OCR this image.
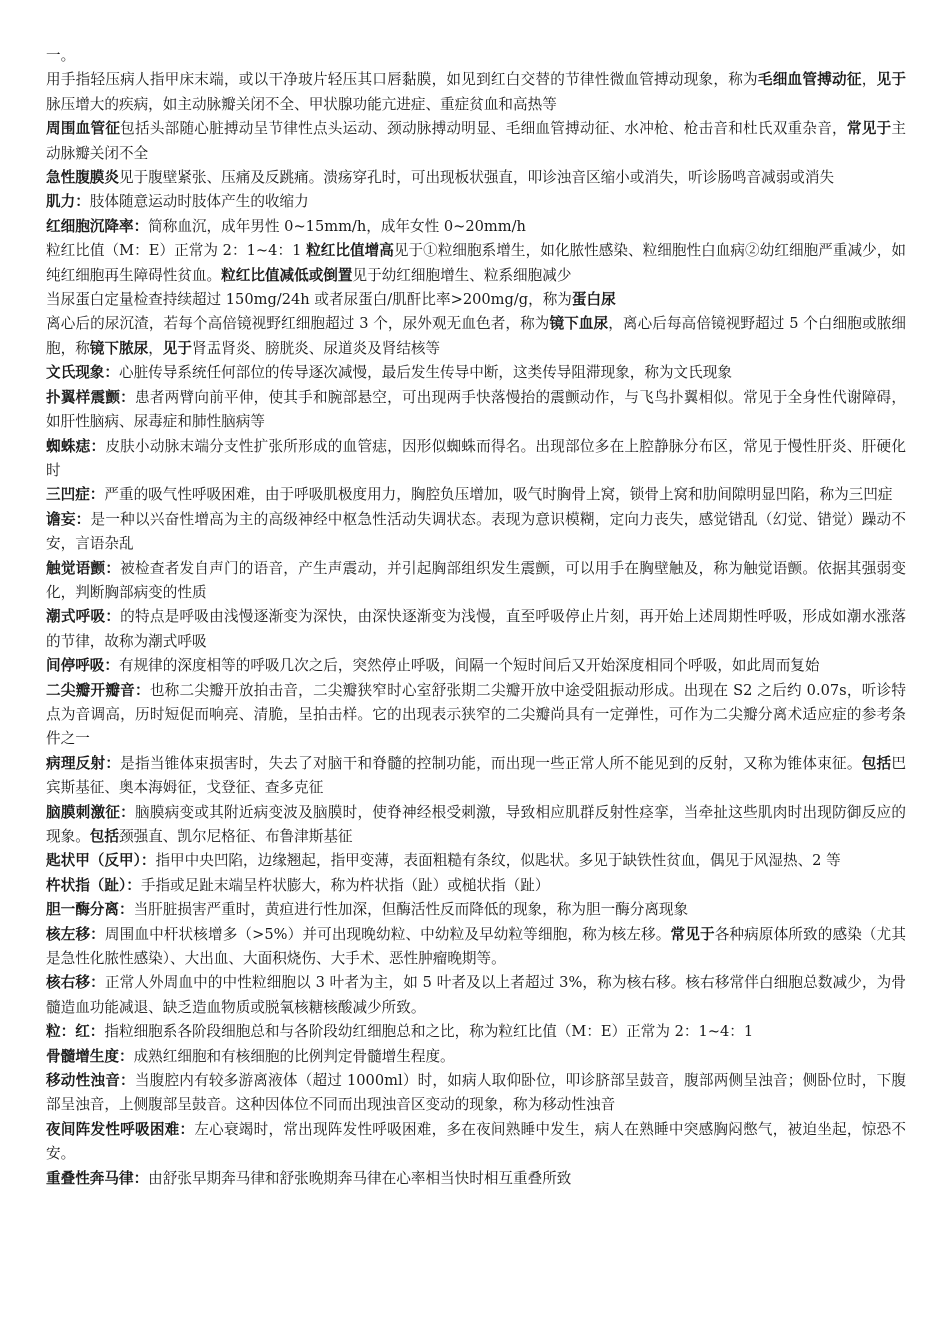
一。

用手指轻压病人指甲床末端，或以干净玻片轻压其口唇黏膜，如见到红白交替的节律性微血管搏动现象，称为毛细血管搏动征，见于脉压增大的疾病，如主动脉瓣关闭不全、甲状腺功能亢进症、重症贫血和高热等

周围血管征包括头部随心脏搏动呈节律性点头运动、颈动脉搏动明显、毛细血管搏动征、水冲枪、枪击音和杜氏双重杂音，常见于主动脉瓣关闭不全

急性腹膜炎见于腹壁紧张、压痛及反跳痛。溃疡穿孔时，可出现板状强直，叩诊浊音区缩小或消失，听诊肠鸣音减弱或消失

肌力：肢体随意运动时肢体产生的收缩力

红细胞沉降率：简称血沉，成年男性 0~15mm/h，成年女性 0~20mm/h

粒红比值（M：E）正常为 2：1~4：1 粒红比值增高见于①粒细胞系增生，如化脓性感染、粒细胞性白血病②幼红细胞严重减少，如纯红细胞再生障碍性贫血。粒红比值减低或倒置见于幼红细胞增生、粒系细胞减少

当尿蛋白定量检查持续超过 150mg/24h 或者尿蛋白/肌酐比率>200mg/g，称为蛋白尿

离心后的尿沉渣，若每个高倍镜视野红细胞超过 3 个，尿外观无血色者，称为镜下血尿，离心后每高倍镜视野超过 5 个白细胞或脓细胞，称镜下脓尿，见于肾盂肾炎、膀胱炎、尿道炎及肾结核等

文氏现象：心脏传导系统任何部位的传导逐次减慢，最后发生传导中断，这类传导阻滞现象，称为文氏现象

扑翼样震颤：患者两臂向前平伸，使其手和腕部悬空，可出现两手快落慢抬的震颤动作，与飞鸟扑翼相似。常见于全身性代谢障碍，如肝性脑病、尿毒症和肺性脑病等

蜘蛛痣：皮肤小动脉末端分支性扩张所形成的血管痣，因形似蜘蛛而得名。出现部位多在上腔静脉分布区，常见于慢性肝炎、肝硬化时

三凹症：严重的吸气性呼吸困难，由于呼吸肌极度用力，胸腔负压增加，吸气时胸骨上窝，锁骨上窝和肋间隙明显凹陷，称为三凹症

谵妄：是一种以兴奋性增高为主的高级神经中枢急性活动失调状态。表现为意识模糊，定向力丧失，感觉错乱（幻觉、错觉）躁动不安，言语杂乱

触觉语颤：被检查者发自声门的语音，产生声震动，并引起胸部组织发生震颤，可以用手在胸壁触及，称为触觉语颤。依据其强弱变化，判断胸部病变的性质

潮式呼吸：的特点是呼吸由浅慢逐渐变为深快，由深快逐渐变为浅慢，直至呼吸停止片刻，再开始上述周期性呼吸，形成如潮水涨落的节律，故称为潮式呼吸

间停呼吸：有规律的深度相等的呼吸几次之后，突然停止呼吸，间隔一个短时间后又开始深度相同个呼吸，如此周而复始

二尖瓣开瓣音：也称二尖瓣开放拍击音，二尖瓣狭窄时心室舒张期二尖瓣开放中途受阻振动形成。出现在 S2 之后约 0.07s，听诊特点为音调高，历时短促而响亮、清脆，呈拍击样。它的出现表示狭窄的二尖瓣尚具有一定弹性，可作为二尖瓣分离术适应症的参考条件之一

病理反射：是指当锥体束损害时，失去了对脑干和脊髓的控制功能，而出现一些正常人所不能见到的反射，又称为锥体束征。包括巴宾斯基征、奥本海姆征，戈登征、查多克征

脑膜刺激征：脑膜病变或其附近病变波及脑膜时，使脊神经根受刺激，导致相应肌群反射性痉挛，当牵扯这些肌肉时出现防御反应的现象。包括颈强直、凯尔尼格征、布鲁津斯基征

匙状甲（反甲）：指甲中央凹陷，边缘翘起，指甲变薄，表面粗糙有条纹，似匙状。多见于缺铁性贫血，偶见于风湿热、2 等

杵状指（趾）：手指或足趾末端呈杵状膨大，称为杵状指（趾）或槌状指（趾）

胆一酶分离：当肝脏损害严重时，黄疸进行性加深，但酶活性反而降低的现象，称为胆一酶分离现象

核左移：周围血中杆状核增多（>5%）并可出现晚幼粒、中幼粒及早幼粒等细胞，称为核左移。常见于各种病原体所致的感染（尤其是急性化脓性感染）、大出血、大面积烧伤、大手术、恶性肿瘤晚期等。

核右移：正常人外周血中的中性粒细胞以 3 叶者为主，如 5 叶者及以上者超过 3%，称为核右移。核右移常伴白细胞总数减少，为骨髓造血功能减退、缺乏造血物质或脱氧核糖核酸减少所致。

粒：红：指粒细胞系各阶段细胞总和与各阶段幼红细胞总和之比，称为粒红比值（M：E）正常为 2：1~4：1

骨髓增生度：成熟红细胞和有核细胞的比例判定骨髓增生程度。

移动性浊音：当腹腔内有较多游离液体（超过 1000ml）时，如病人取仰卧位，叩诊脐部呈鼓音，腹部两侧呈浊音；侧卧位时，下腹部呈浊音，上侧腹部呈鼓音。这种因体位不同而出现浊音区变动的现象，称为移动性浊音

夜间阵发性呼吸困难：左心衰竭时，常出现阵发性呼吸困难，多在夜间熟睡中发生，病人在熟睡中突感胸闷憋气，被迫坐起，惊恐不安。

重叠性奔马律：由舒张早期奔马律和舒张晚期奔马律在心率相当快时相互重叠所致
